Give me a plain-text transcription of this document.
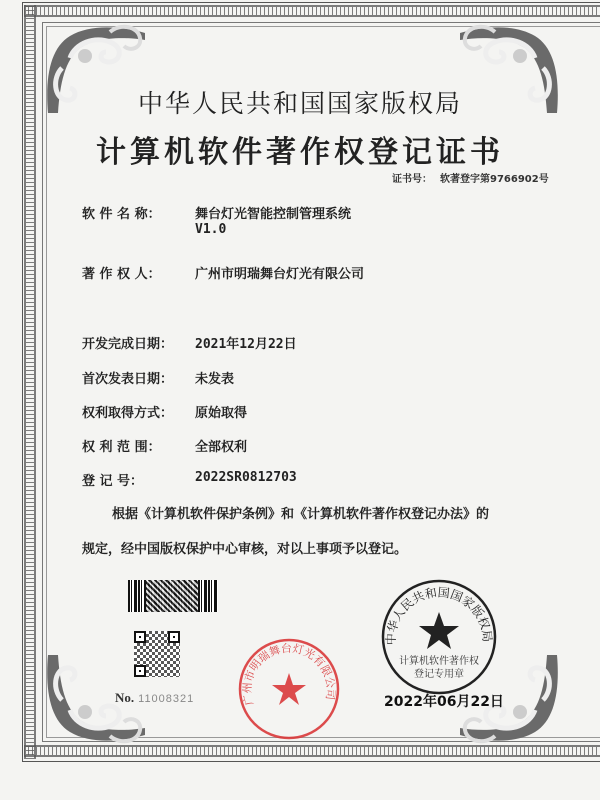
中华人民共和国国家版权局
计算机软件著作权登记证书
证书号： 软著登字第9766902号
软 件 名 称：	舞台灯光智能控制管理系统
V1.0
著 作 权 人：	广州市明瑞舞台灯光有限公司
开发完成日期：	2021年12月22日
首次发表日期：	未发表
权利取得方式：	原始取得
权 利 范 围：	全部权利
登 记 号：	2022SR0812703
根据《计算机软件保护条例》和《计算机软件著作权登记办法》的
规定，经中国版权保护中心审核，对以上事项予以登记。
No. 11008321	广州市明瑞舞台灯光有限公司
中华人民共和国国家版权局
计算机软件著作权
登记专用章
2022年06月22日
